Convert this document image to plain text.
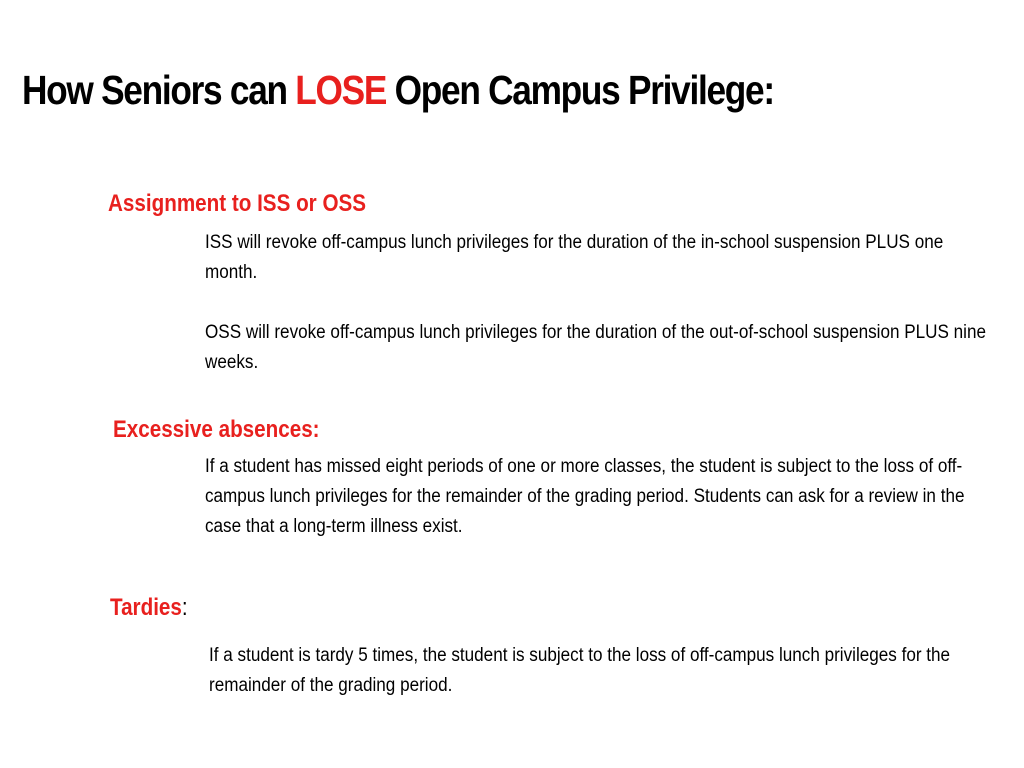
How Seniors can LOSE Open Campus Privilege:
Assignment to ISS or OSS

ISS will revoke off-campus lunch privileges for the duration of the in-school suspension PLUS one month.

OSS will revoke off-campus lunch privileges for the duration of the out-of-school suspension PLUS nine weeks.

Excessive absences:

If a student has missed eight periods of one or more classes, the student is subject to the loss of off-campus lunch privileges for the remainder of the grading period. Students can ask for a review in the case that a long-term illness exist.

Tardies:

If a student is tardy 5 times, the student is subject to the loss of off-campus lunch privileges for the remainder of the grading period.
